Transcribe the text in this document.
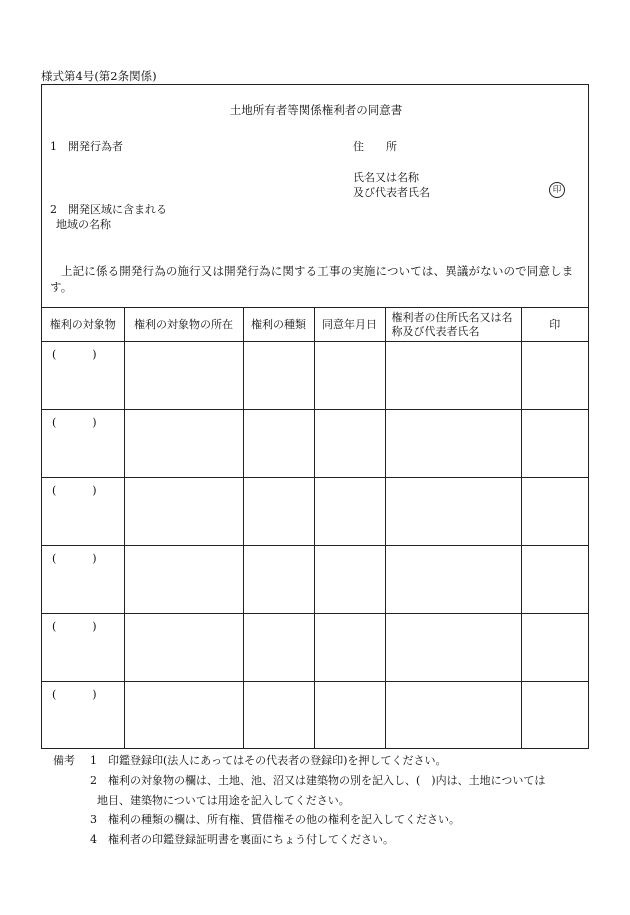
様式第4号(第2条関係)
土地所有者等関係権利者の同意書
1　開発行為者	住　　所
氏名又は名称
及び代表者氏名	印
2　開発区域に含まれる
地域の名称
上記に係る開発行為の施行又は開発行為に関する工事の実施については、異議がないので同意します。
権利の対象物	権利の対象物の所在	権利の種類	同意年月日	権利者の住所氏名又は名称及び代表者氏名	印

( )					

( )					

( )					

( )					

( )					

( )					

備考 1　印鑑登録印(法人にあってはその代表者の登録印)を押してください。
2　権利の対象物の欄は、土地、池、沼又は建築物の別を記入し、(　)内は、土地については
地目、建築物については用途を記入してください。
3　権利の種類の欄は、所有権、賃借権その他の権利を記入してください。
4　権利者の印鑑登録証明書を裏面にちょう付してください。
